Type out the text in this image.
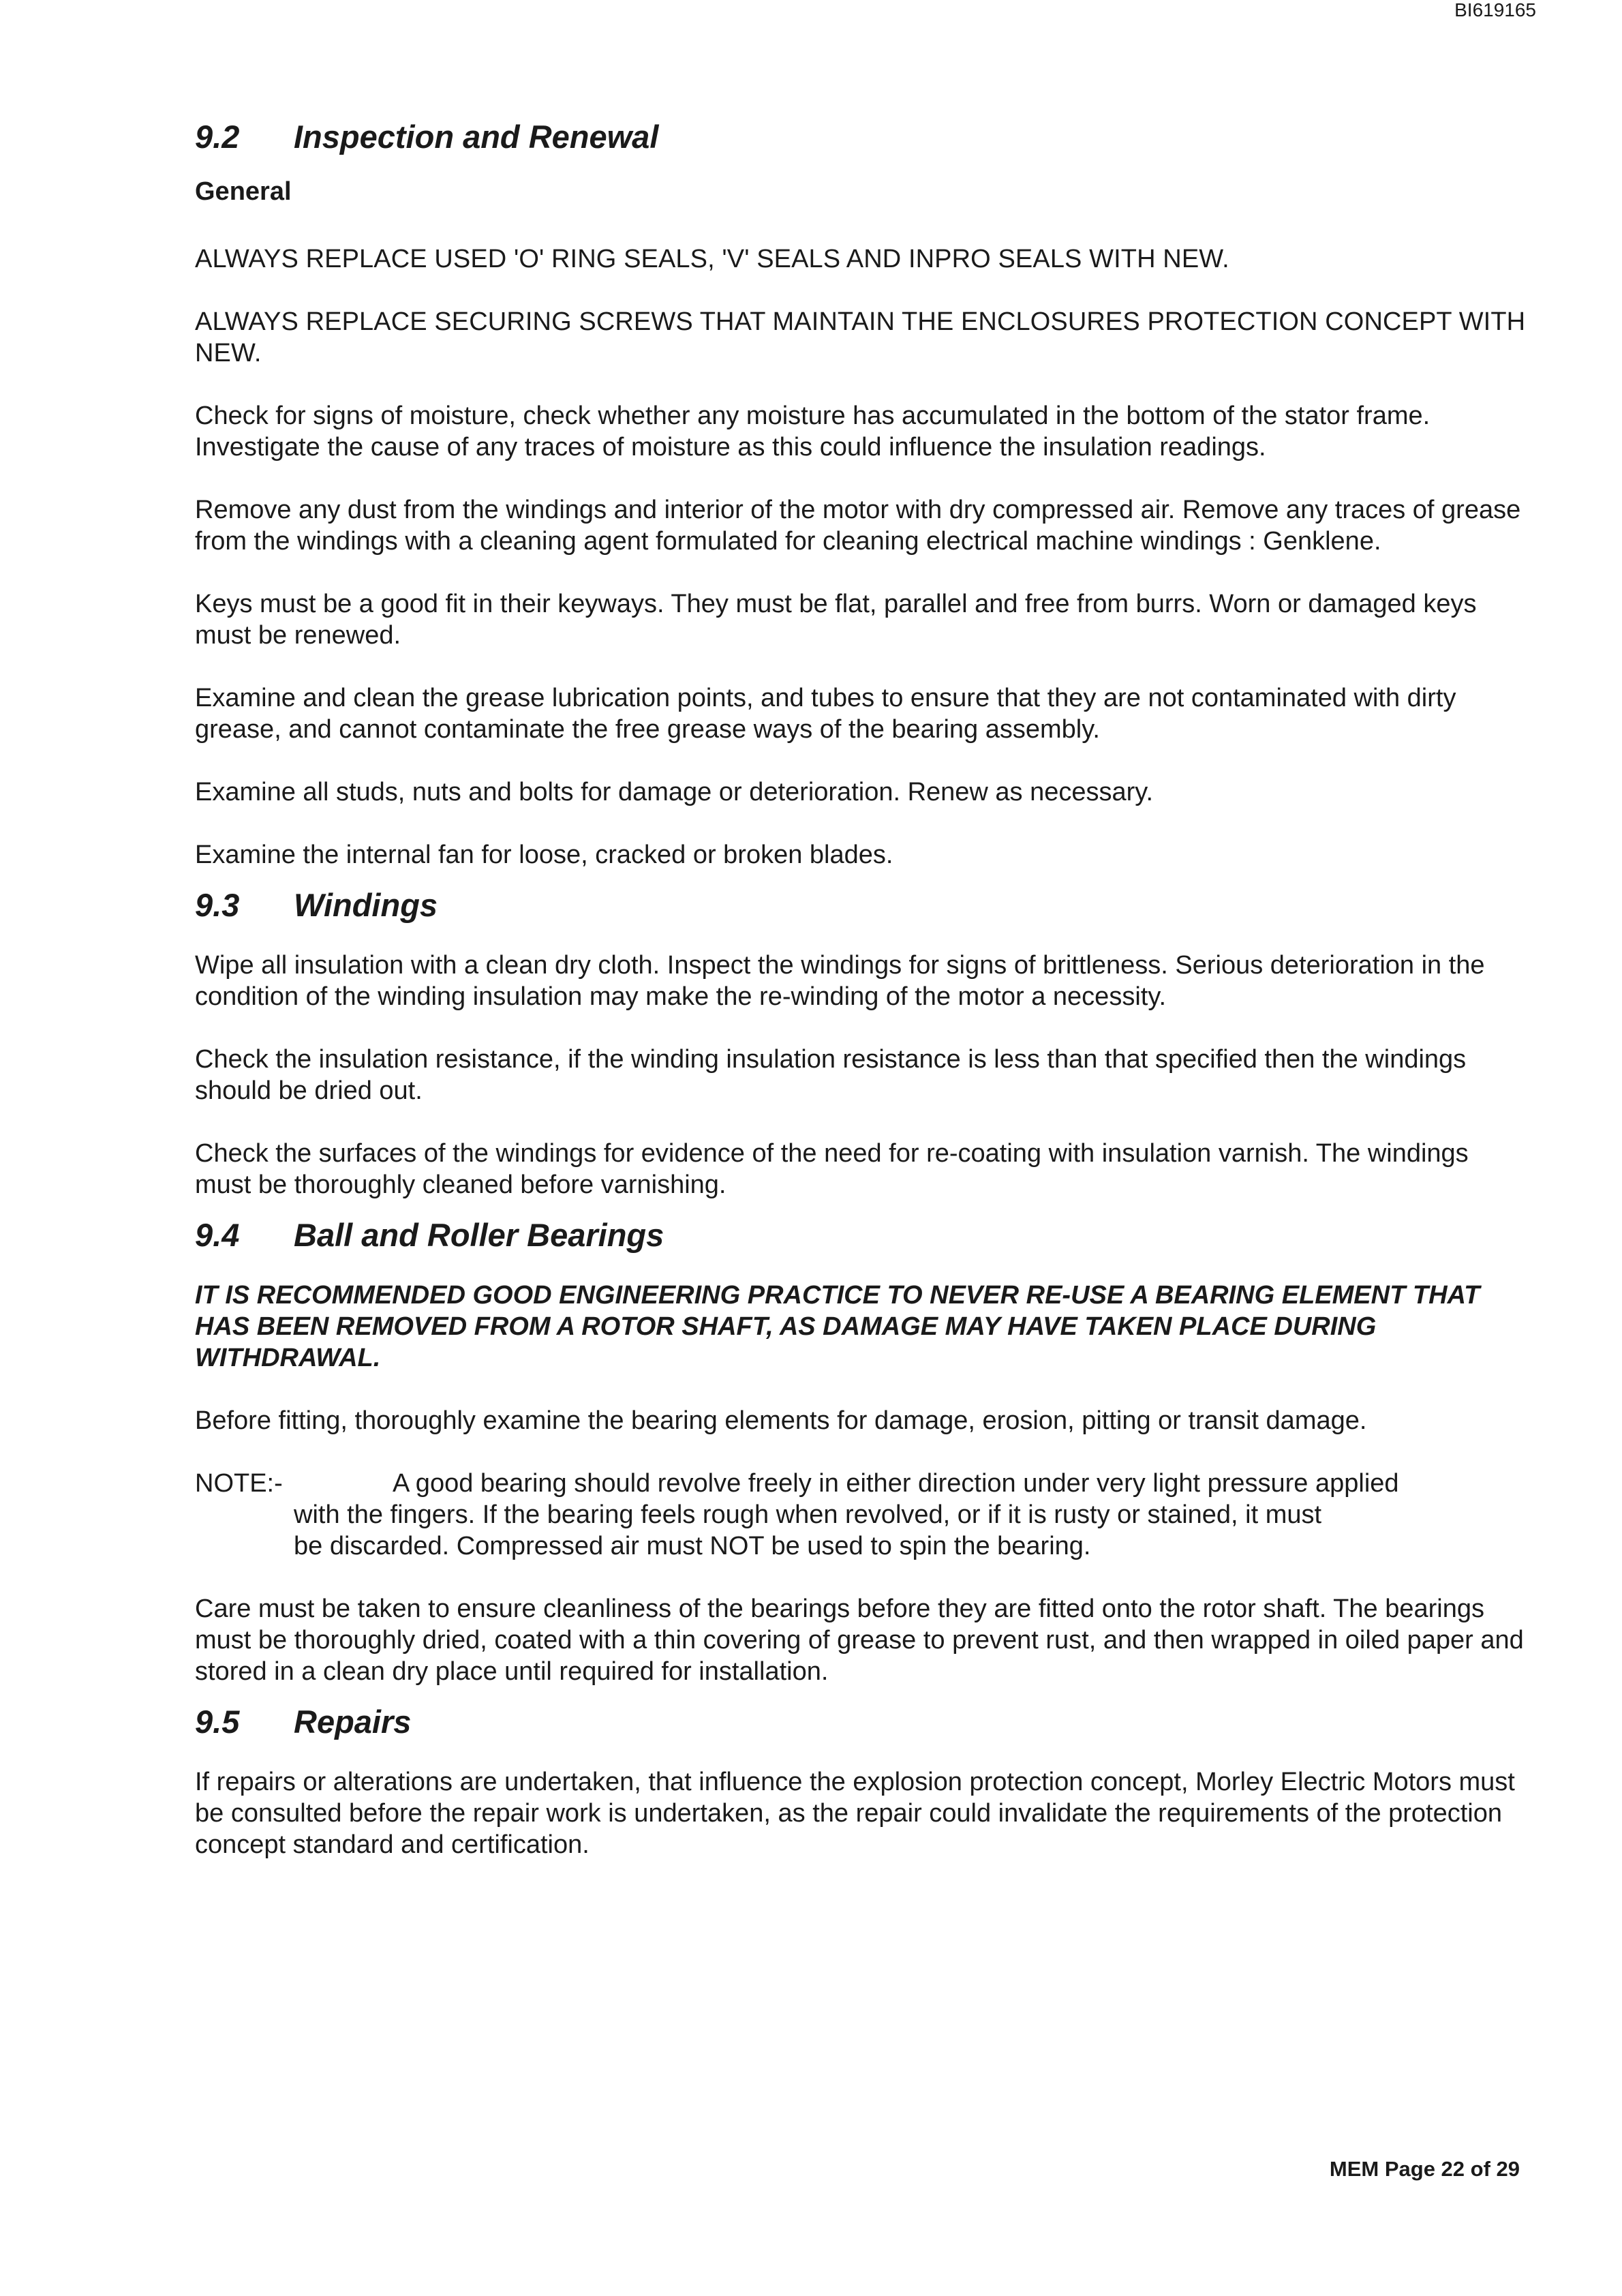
BI619165
9.2	Inspection and Renewal
General

ALWAYS REPLACE USED 'O' RING SEALS, 'V' SEALS AND INPRO SEALS WITH NEW.

ALWAYS REPLACE SECURING SCREWS THAT MAINTAIN THE ENCLOSURES PROTECTION CONCEPT WITH NEW.

Check for signs of moisture, check whether any moisture has accumulated in the bottom of the stator frame. Investigate the cause of any traces of moisture as this could influence the insulation readings.

Remove any dust from the windings and interior of the motor with dry compressed air. Remove any traces of grease from the windings with a cleaning agent formulated for cleaning electrical machine windings : Genklene.

Keys must be a good fit in their keyways. They must be flat, parallel and free from burrs. Worn or damaged keys must be renewed.

Examine and clean the grease lubrication points, and tubes to ensure that they are not contaminated with dirty grease, and cannot contaminate the free grease ways of the bearing assembly.

Examine all studs, nuts and bolts for damage or deterioration. Renew as necessary.

Examine the internal fan for loose, cracked or broken blades.

9.3	Windings

Wipe all insulation with a clean dry cloth. Inspect the windings for signs of brittleness. Serious deterioration in the condition of the winding insulation may make the re-winding of the motor a necessity.

Check the insulation resistance, if the winding insulation resistance is less than that specified then the windings should be dried out.

Check the surfaces of the windings for evidence of the need for re-coating with insulation varnish. The windings must be thoroughly cleaned before varnishing.

9.4	Ball and Roller Bearings

IT IS RECOMMENDED GOOD ENGINEERING PRACTICE TO NEVER RE-USE A BEARING ELEMENT THAT HAS BEEN REMOVED FROM A ROTOR SHAFT, AS DAMAGE MAY HAVE TAKEN PLACE DURING WITHDRAWAL.

Before fitting, thoroughly examine the bearing elements for damage, erosion, pitting or transit damage.

NOTE:-	A good bearing should revolve freely in either direction under very light pressure applied

with the fingers. If the bearing feels rough when revolved, or if it is rusty or stained, it must

be discarded. Compressed air must NOT be used to spin the bearing.

Care must be taken to ensure cleanliness of the bearings before they are fitted onto the rotor shaft. The bearings must be thoroughly dried, coated with a thin covering of grease to prevent rust, and then wrapped in oiled paper and stored in a clean dry place until required for installation.

9.5	Repairs

If repairs or alterations are undertaken, that influence the explosion protection concept, Morley Electric Motors must be consulted before the repair work is undertaken, as the repair could invalidate the requirements of the protection concept standard and certification.

MEM Page 22 of 29
